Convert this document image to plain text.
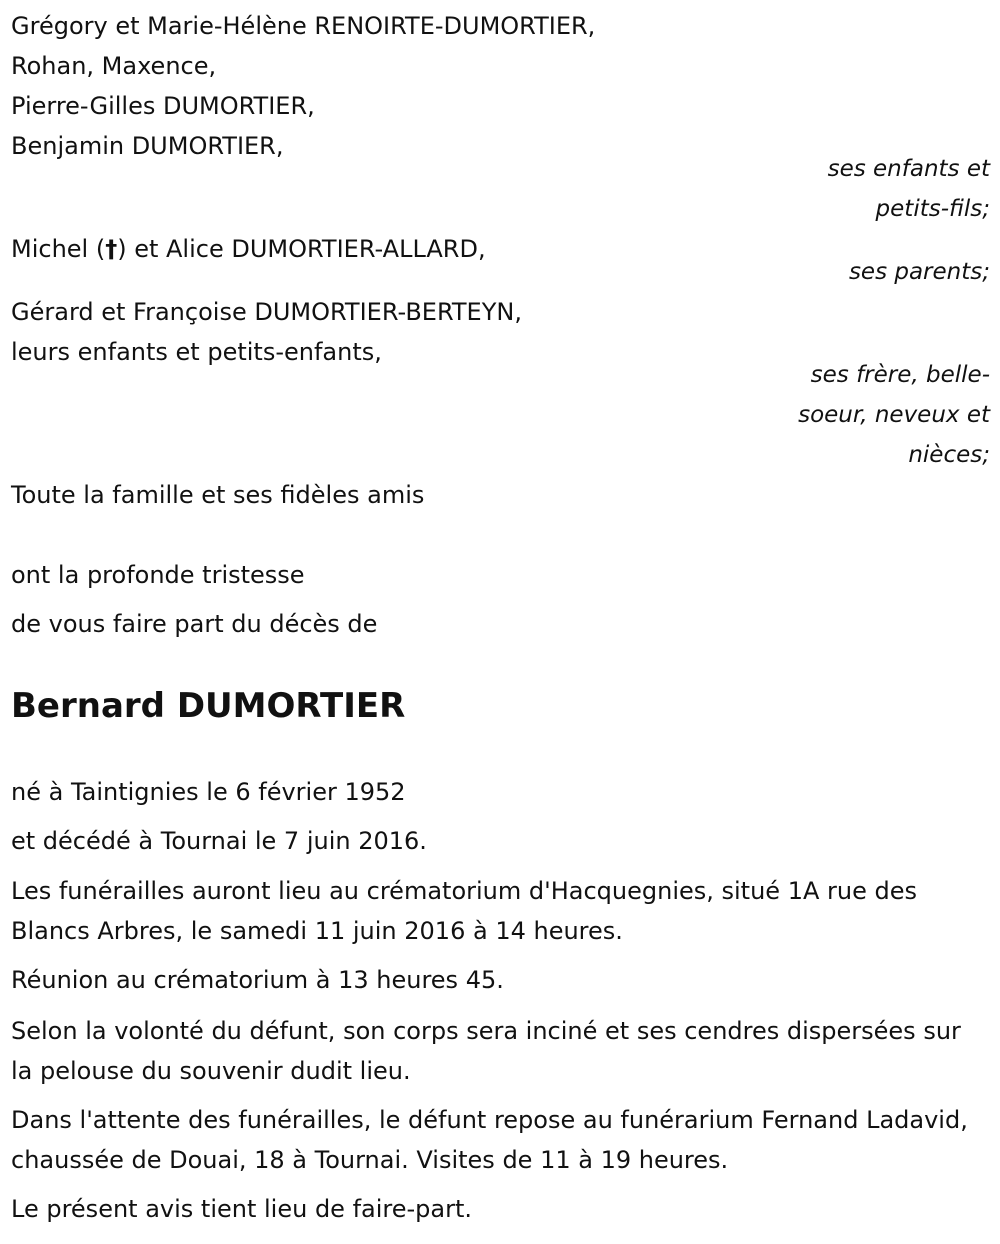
Grégory et Marie-Hélène RENOIRTE-DUMORTIER,
Rohan, Maxence,
Pierre-Gilles DUMORTIER,
Benjamin DUMORTIER,
ses enfants et
petits-fils;
Michel (†) et Alice DUMORTIER-ALLARD,
ses parents;
Gérard et Françoise DUMORTIER-BERTEYN,
leurs enfants et petits-enfants,
ses frère, belle-
soeur, neveux et
nièces;
Toute la famille et ses fidèles amis
ont la profonde tristesse
de vous faire part du décès de
Bernard DUMORTIER
né à Taintignies le 6 février 1952
et décédé à Tournai le 7 juin 2016.
Les funérailles auront lieu au crématorium d'Hacquegnies, situé 1A rue des Blancs Arbres, le samedi 11 juin 2016 à 14 heures.
Réunion au crématorium à 13 heures 45.
Selon la volonté du défunt, son corps sera inciné et ses cendres dispersées sur la pelouse du souvenir dudit lieu.
Dans l'attente des funérailles, le défunt repose au funérarium Fernand Ladavid, chaussée de Douai, 18 à Tournai. Visites de 11 à 19 heures.
Le présent avis tient lieu de faire-part.
